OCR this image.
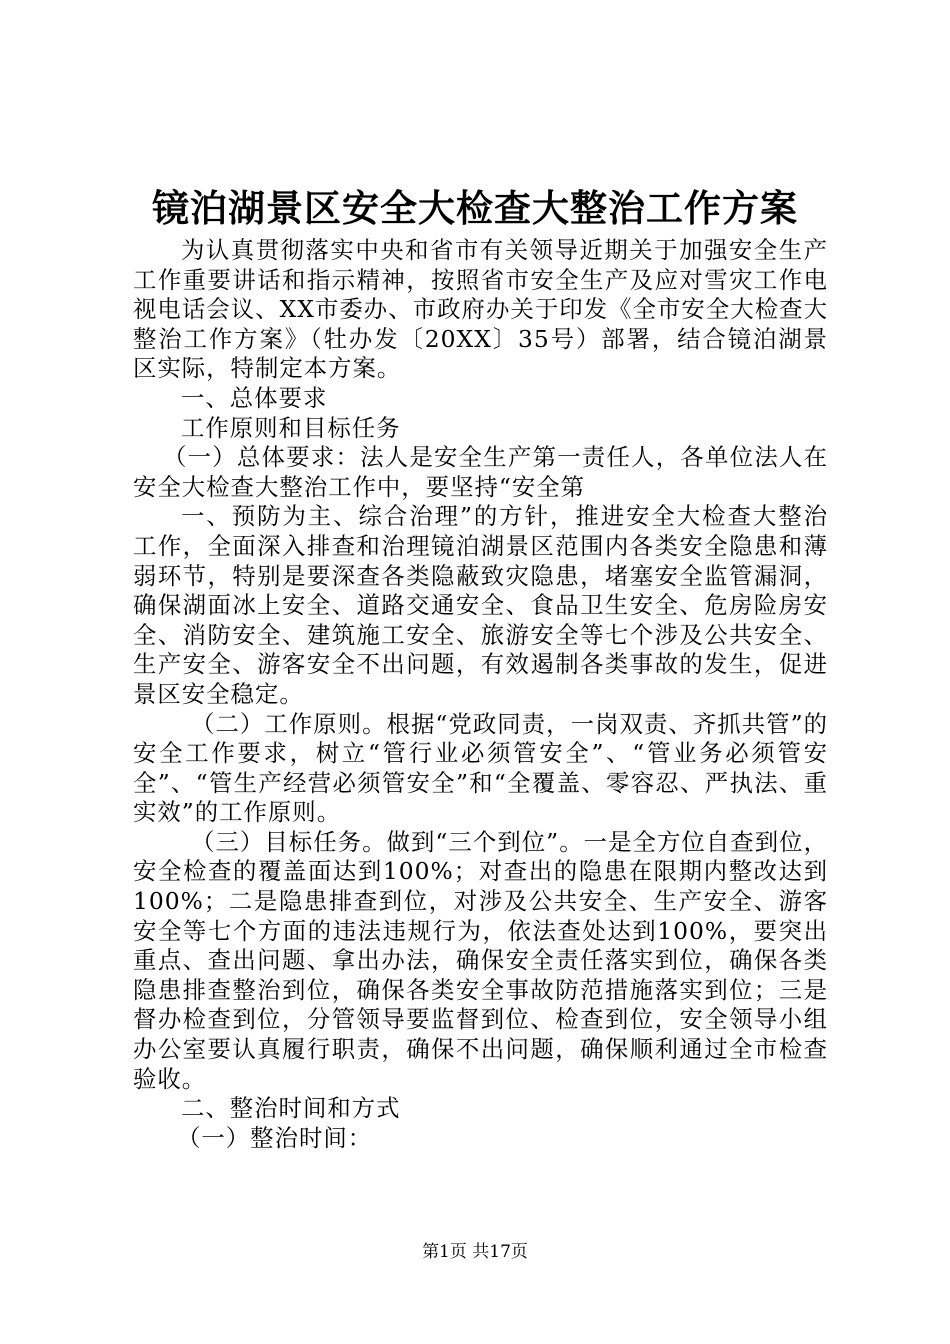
镜泊湖景区安全大检查大整治工作方案

为认真贯彻落实中央和省市有关领导近期关于加强安全生产工作重要讲话和指示精神，按照省市安全生产及应对雪灾工作电视电话会议、XX市委办、市政府办关于印发《全市安全大检查大整治工作方案》（牡办发〔20XX〕35号）部署，结合镜泊湖景区实际，特制定本方案。

一、总体要求

工作原则和目标任务

（一）总体要求：法人是安全生产第一责任人，各单位法人在安全大检查大整治工作中，要坚持“安全第

一、预防为主、综合治理”的方针，推进安全大检查大整治工作，全面深入排查和治理镜泊湖景区范围内各类安全隐患和薄弱环节，特别是要深查各类隐蔽致灾隐患，堵塞安全监管漏洞，确保湖面冰上安全、道路交通安全、食品卫生安全、危房险房安全、消防安全、建筑施工安全、旅游安全等七个涉及公共安全、生产安全、游客安全不出问题，有效遏制各类事故的发生，促进景区安全稳定。

（二）工作原则。根据“党政同责，一岗双责、齐抓共管”的安全工作要求，树立“管行业必须管安全”、“管业务必须管安全”、“管生产经营必须管安全”和“全覆盖、零容忍、严执法、重实效”的工作原则。

（三）目标任务。做到“三个到位”。一是全方位自查到位，安全检查的覆盖面达到100%；对查出的隐患在限期内整改达到100%；二是隐患排查到位，对涉及公共安全、生产安全、游客安全等七个方面的违法违规行为，依法查处达到100%，要突出重点、查出问题、拿出办法，确保安全责任落实到位，确保各类隐患排查整治到位，确保各类安全事故防范措施落实到位；三是督办检查到位，分管领导要监督到位、检查到位，安全领导小组办公室要认真履行职责，确保不出问题，确保顺利通过全市检查验收。

二、整治时间和方式

（一）整治时间：

第1页 共17页
